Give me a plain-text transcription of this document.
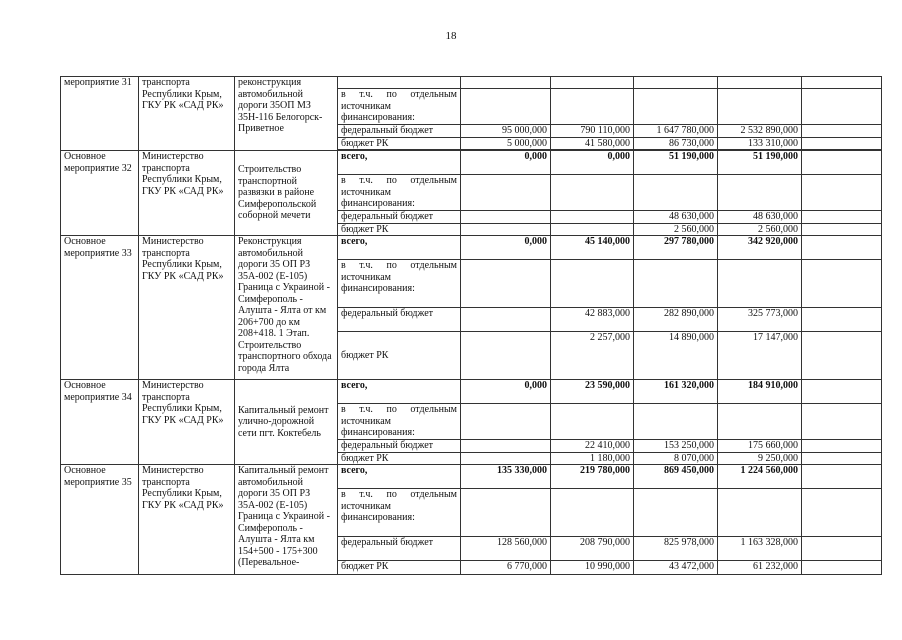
18
мероприятие 31	транспорта Республики Крым, ГКУ РК «САД РК»	реконструкция автомобильной дороги 35ОП МЗ 35Н-116 Белогорск-Приветное						
			в т.ч. по отдельным источникам финансирования:					
			федеральный бюджет	95 000,000	790 110,000	1 647 780,000	2 532 890,000	
			бюджет РК	5 000,000	41 580,000	86 730,000	133 310,000	

Основное мероприятие 32	Министерство транспорта Республики Крым, ГКУ РК «САД РК»	Строительство транспортной развязки в районе Симферопольской соборной мечети	всего,	0,000	0,000	51 190,000	51 190,000	
			в т.ч. по отдельным источникам финансирования:					
			федеральный бюджет			48 630,000	48 630,000	
			бюджет РК			2 560,000	2 560,000	
Основное мероприятие 33	Министерство транспорта Республики Крым, ГКУ РК «САД РК»	Реконструкция автомобильной дороги 35 ОП РЗ 35А-002 (Е-105) Граница с Украиной - Симферополь - Алушта - Ялта от км 206+700 до км 208+418. 1 Этап. Строительство транспортного обхода города Ялта	всего,	0,000	45 140,000	297 780,000	342 920,000	
			в т.ч. по отдельным источникам финансирования:					
			федеральный бюджет		42 883,000	282 890,000	325 773,000	
			бюджет РК		2 257,000	14 890,000	17 147,000	
Основное мероприятие 34	Министерство транспорта Республики Крым, ГКУ РК «САД РК»	Капитальный ремонт улично-дорожной сети пгт. Коктебель	всего,	0,000	23 590,000	161 320,000	184 910,000	
			в т.ч. по отдельным источникам финансирования:					
			федеральный бюджет		22 410,000	153 250,000	175 660,000	
			бюджет РК		1 180,000	8 070,000	9 250,000	
Основное мероприятие 35	Министерство транспорта Республики Крым, ГКУ РК «САД РК»	Капитальный ремонт автомобильной дороги 35 ОП РЗ 35А-002 (Е-105) Граница с Украиной - Симферополь - Алушта - Ялта км 154+500 - 175+300 (Перевальное-	всего,	135 330,000	219 780,000	869 450,000	1 224 560,000	
			в т.ч. по отдельным источникам финансирования:					
			федеральный бюджет	128 560,000	208 790,000	825 978,000	1 163 328,000	
			бюджет РК	6 770,000	10 990,000	43 472,000	61 232,000	
